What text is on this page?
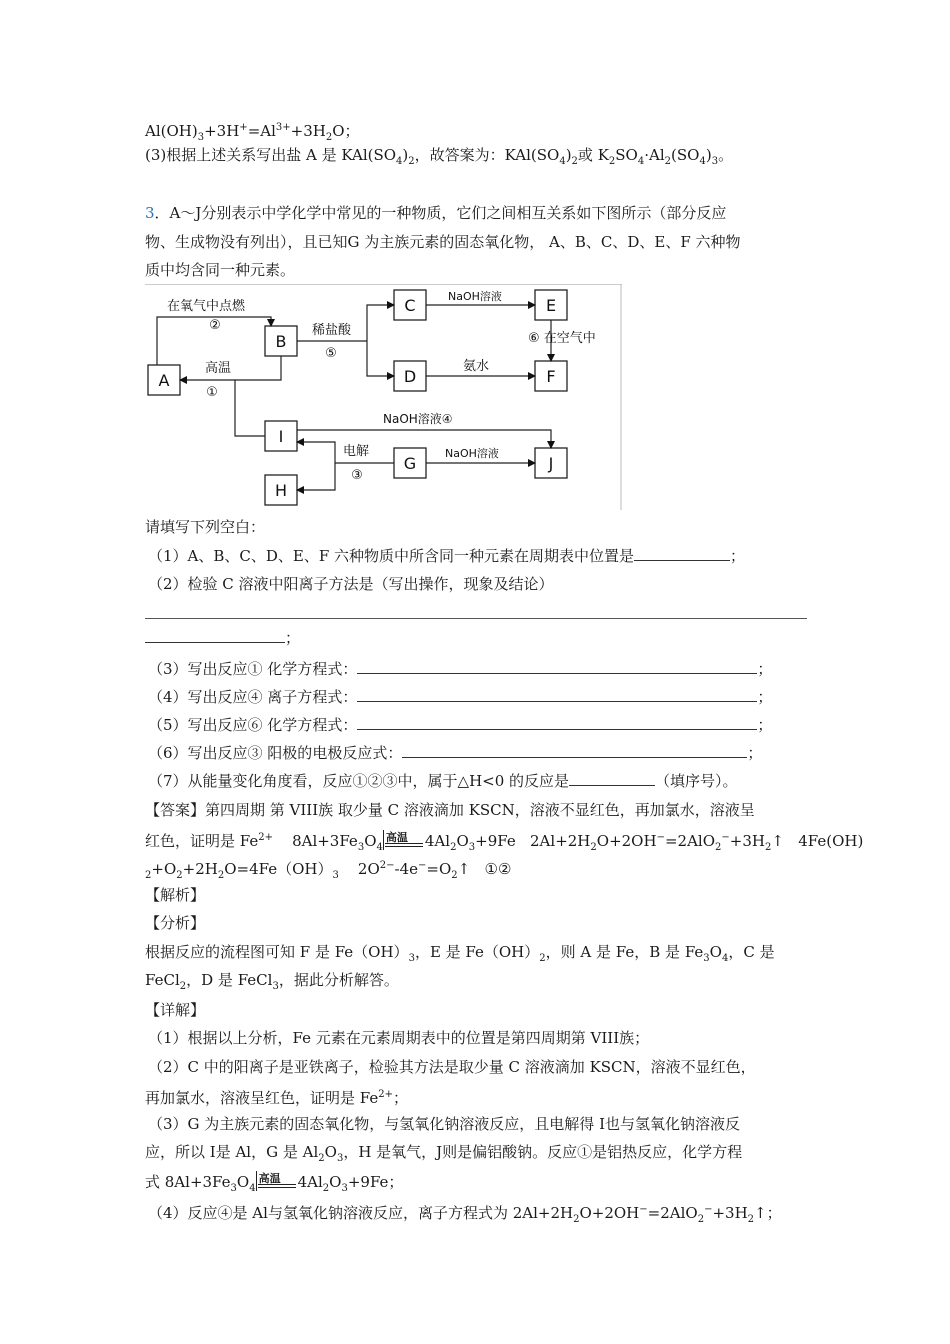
$Al(OH)_3+3H^+=Al^{3+}+3H_2O$；
(3)根据上述关系写出盐 A 是 $KAl(SO_4)_2$，故答案为：$KAl(SO_4)_2$或 $K_2SO_4\cdot Al_2(SO_4)_3$。
3．A～J分别表示中学化学中常见的一种物质，它们之间相互关系如下图所示（部分反应
物、生成物没有列出），且已知G 为主族元素的固态氧化物， A、B、C、D、E、F 六种物
质中均含同一种元素。
A
B
C
D
E
F
I
G
H
J
在氧气中点燃
②
高温
①
稀盐酸
⑤
NaOH溶液
⑥ 在空气中
氨水
NaOH溶液④
电解
③
NaOH溶液
请填写下列空白：
（1）A、B、C、D、E、F 六种物质中所含同一种元素在周期表中位置是	；
（2）检验 C 溶液中阳离子方法是（写出操作，现象及结论）
；
（3）写出反应① 化学方程式：	；
（4）写出反应④ 离子方程式：	；
（5）写出反应⑥ 化学方程式：	；
（6）写出反应③ 阳极的电极反应式：	；
（7）从能量变化角度看，反应①②③中，属于△H<0 的反应是	（填序号）。
【答案】第四周期 第 VIII族 取少量 C 溶液滴加 KSCN，溶液不显红色，再加氯水，溶液呈
红色，证明是 $Fe^{2+}$ $8Al+3Fe_3O_4$
高温 $4Al_2O_3+9Fe$ $2Al+2H_2O+2OH^-=2AlO_2^-+3H_2↑$ 4Fe(OH)
$_2+O_2+2H_2O=4Fe(OH)_3$ $2O^{2-}-4e^-=O_2↑$ ①②
【解析】
【分析】
根据反应的流程图可知 F 是 $Fe(OH)_3$，E 是 $Fe(OH)_2$，则 A 是 Fe，B 是 $Fe_3O_4$，C 是
FeCl$_2$，D 是 FeCl$_3$，据此分析解答。
【详解】
（1）根据以上分析，Fe 元素在元素周期表中的位置是第四周期第 VIII族；
（2）C 中的阳离子是亚铁离子，检验其方法是取少量 C 溶液滴加 KSCN，溶液不显红色，
再加氯水，溶液呈红色，证明是 $Fe^{2+}$；
（3）G 为主族元素的固态氧化物，与氢氧化钠溶液反应，且电解得 I也与氢氧化钠溶液反
应，所以 I是 Al，G 是 $Al_2O_3$，H 是氧气，J则是偏铝酸钠。反应①是铝热反应，化学方程
式 $8Al+3Fe_3O_4$
高温 $4Al_2O_3+9Fe$；
（4）反应④是 Al与氢氧化钠溶液反应，离子方程式为 $2Al+2H_2O+2OH^-=2AlO_2^-+3H_2↑$；
